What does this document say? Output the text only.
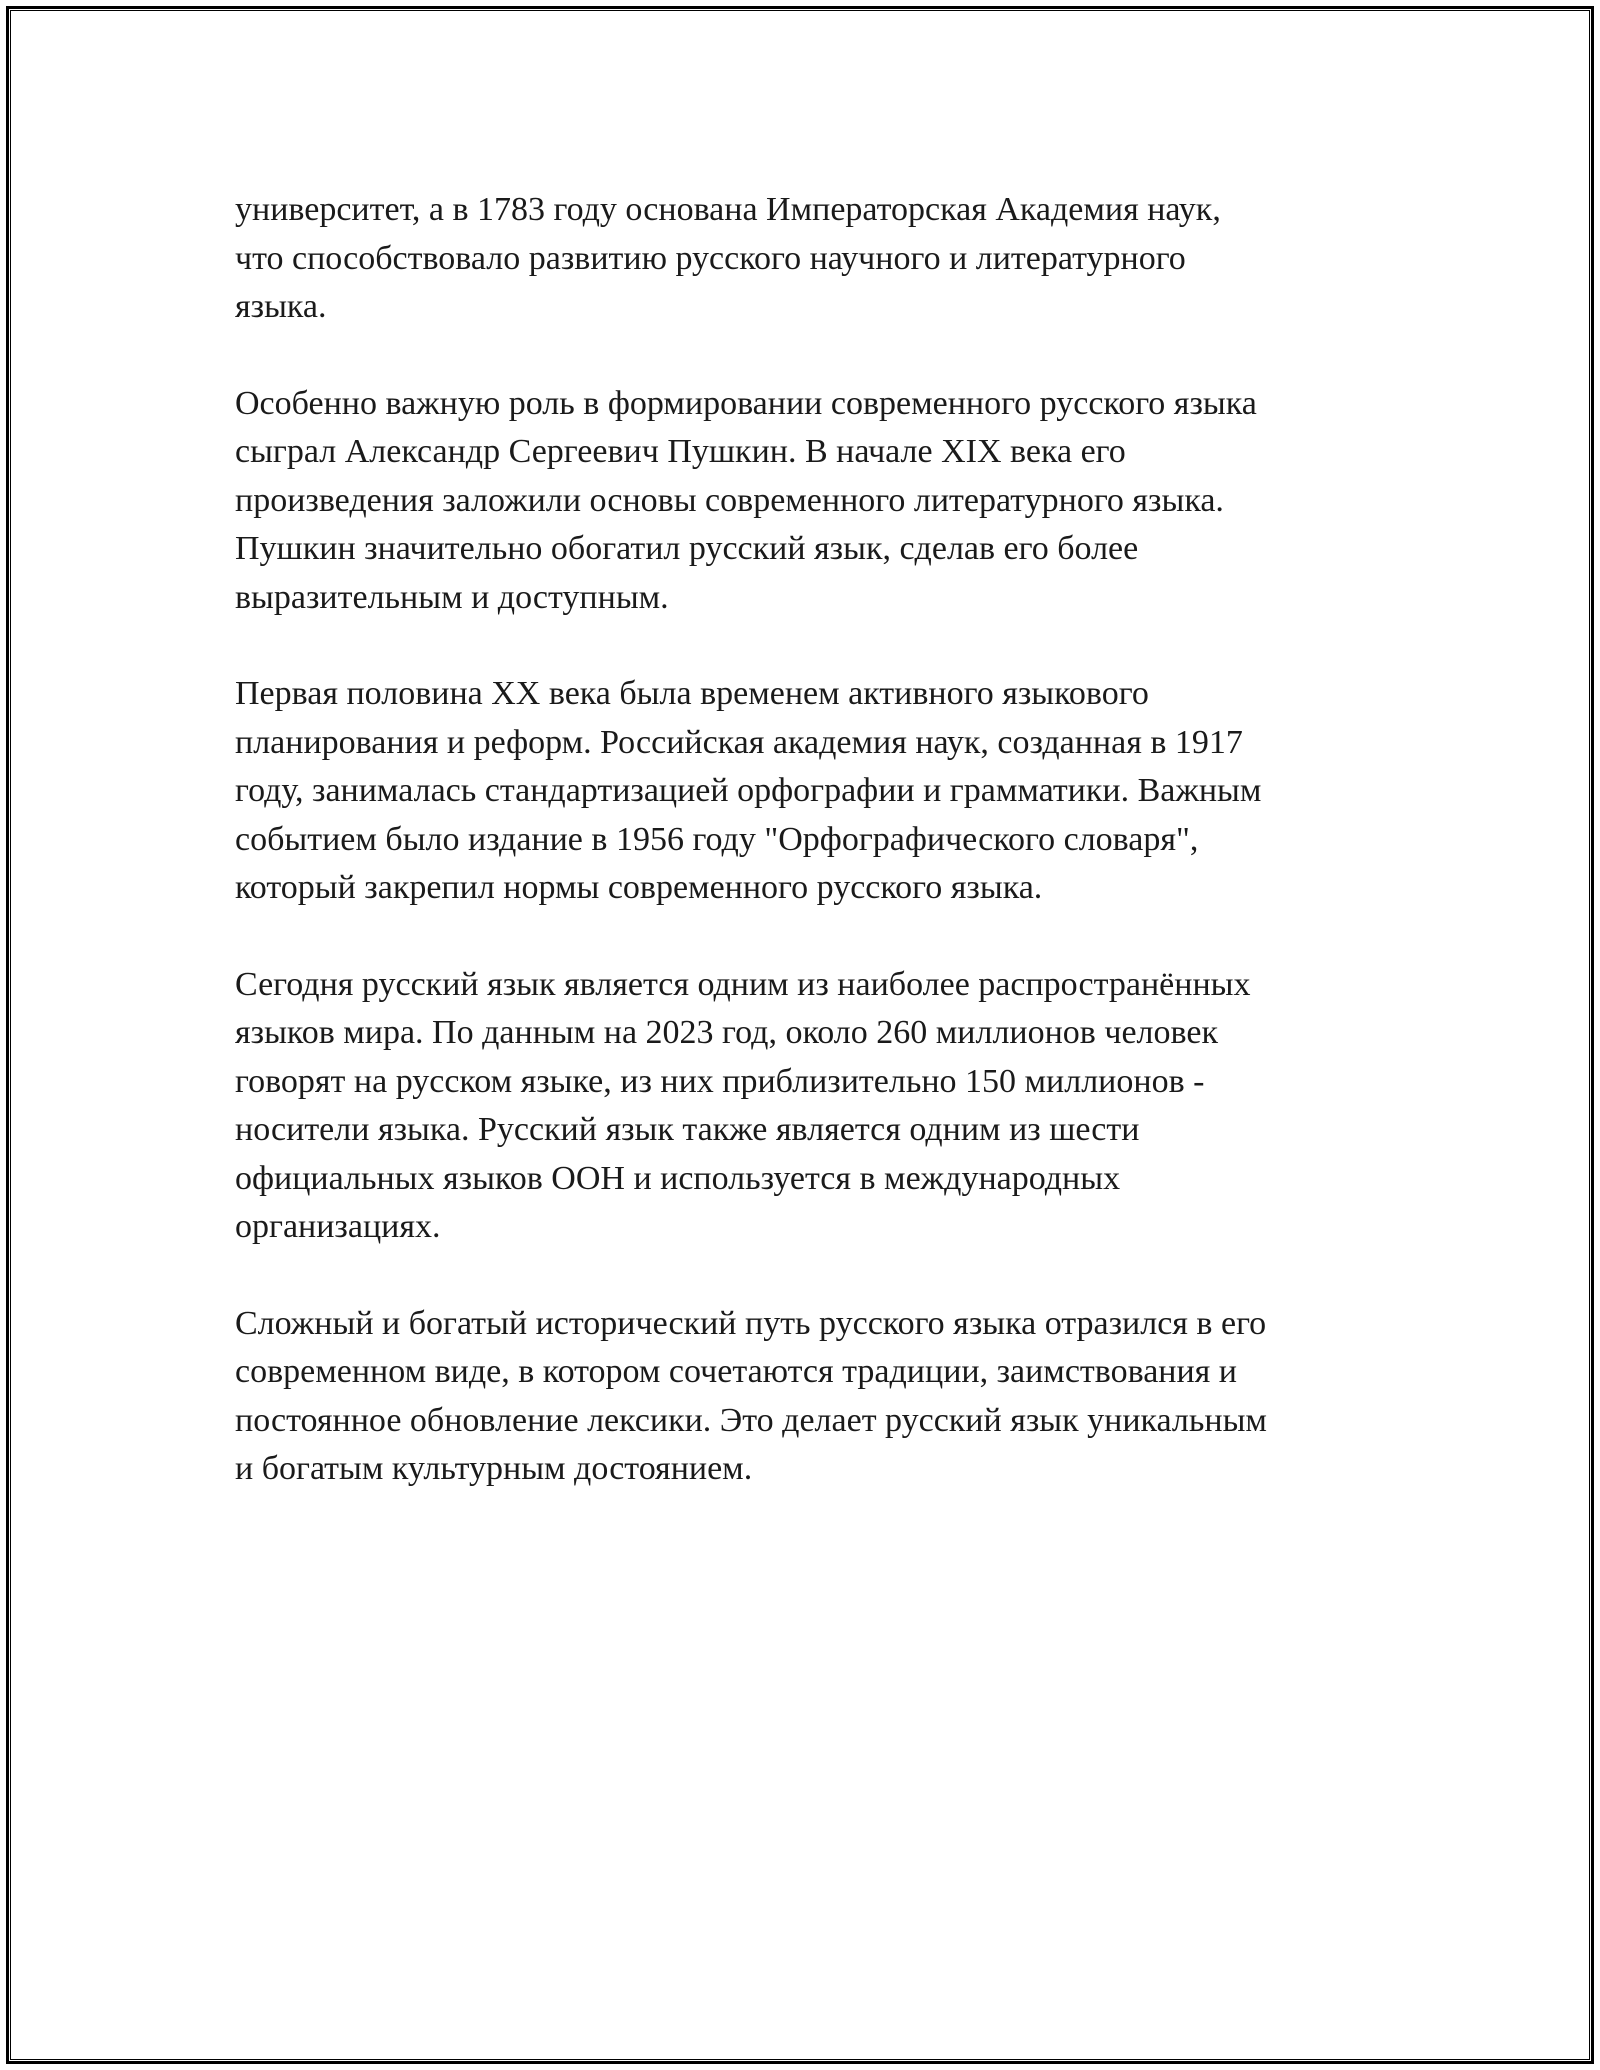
университет, а в 1783 году основана Императорская Академия наук,
что способствовало развитию русского научного и литературного
языка.

Особенно важную роль в формировании современного русского языка
сыграл Александр Сергеевич Пушкин. В начале XIX века его
произведения заложили основы современного литературного языка.
Пушкин значительно обогатил русский язык, сделав его более
выразительным и доступным.

Первая половина XX века была временем активного языкового
планирования и реформ. Российская академия наук, созданная в 1917
году, занималась стандартизацией орфографии и грамматики. Важным
событием было издание в 1956 году "Орфографического словаря",
который закрепил нормы современного русского языка.

Сегодня русский язык является одним из наиболее распространённых
языков мира. По данным на 2023 год, около 260 миллионов человек
говорят на русском языке, из них приблизительно 150 миллионов -
носители языка. Русский язык также является одним из шести
официальных языков ООН и используется в международных
организациях.

Сложный и богатый исторический путь русского языка отразился в его
современном виде, в котором сочетаются традиции, заимствования и
постоянное обновление лексики. Это делает русский язык уникальным
и богатым культурным достоянием.
